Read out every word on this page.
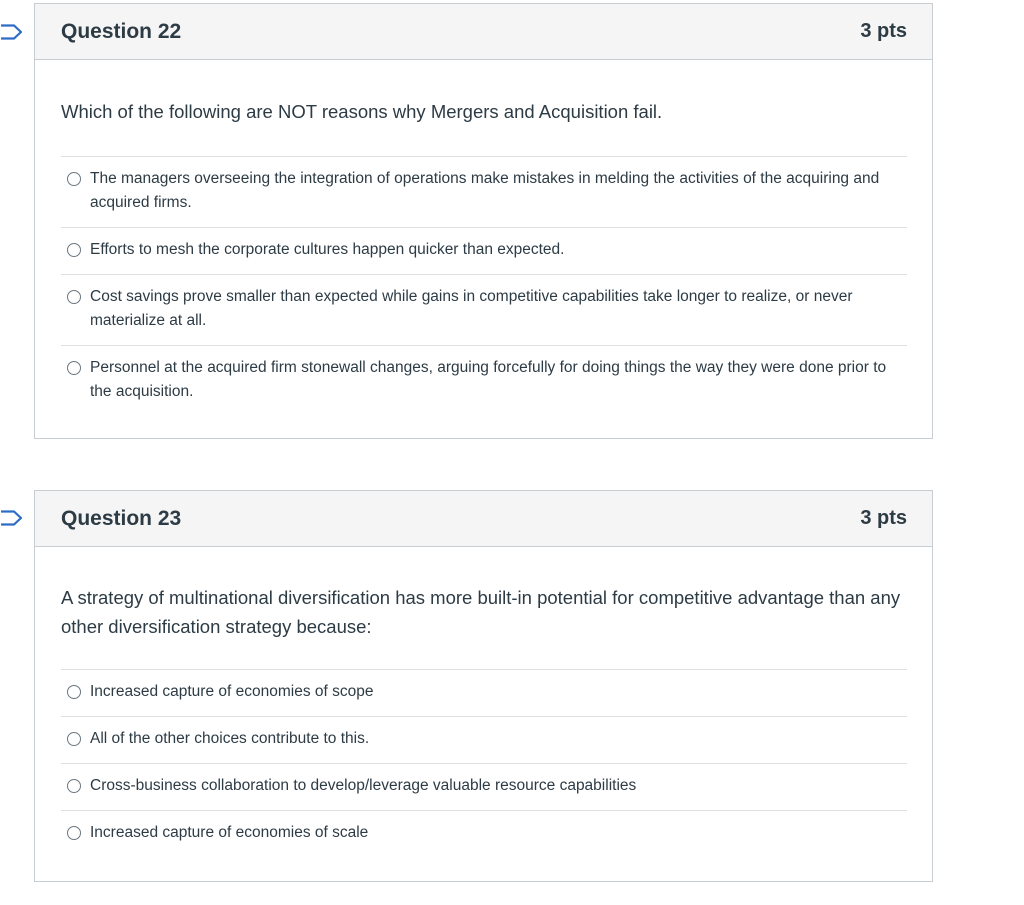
Question 22	3 pts

Which of the following are NOT reasons why Mergers and Acquisition fail.

The managers overseeing the integration of operations make mistakes in melding the activities of the acquiring and acquired firms.
Efforts to mesh the corporate cultures happen quicker than expected.
Cost savings prove smaller than expected while gains in competitive capabilities take longer to realize, or never materialize at all.
Personnel at the acquired firm stonewall changes, arguing forcefully for doing things the way they were done prior to the acquisition.
Question 23	3 pts

A strategy of multinational diversification has more built-in potential for competitive advantage than any other diversification strategy because:

Increased capture of economies of scope
All of the other choices contribute to this.
Cross-business collaboration to develop/leverage valuable resource capabilities
Increased capture of economies of scale
